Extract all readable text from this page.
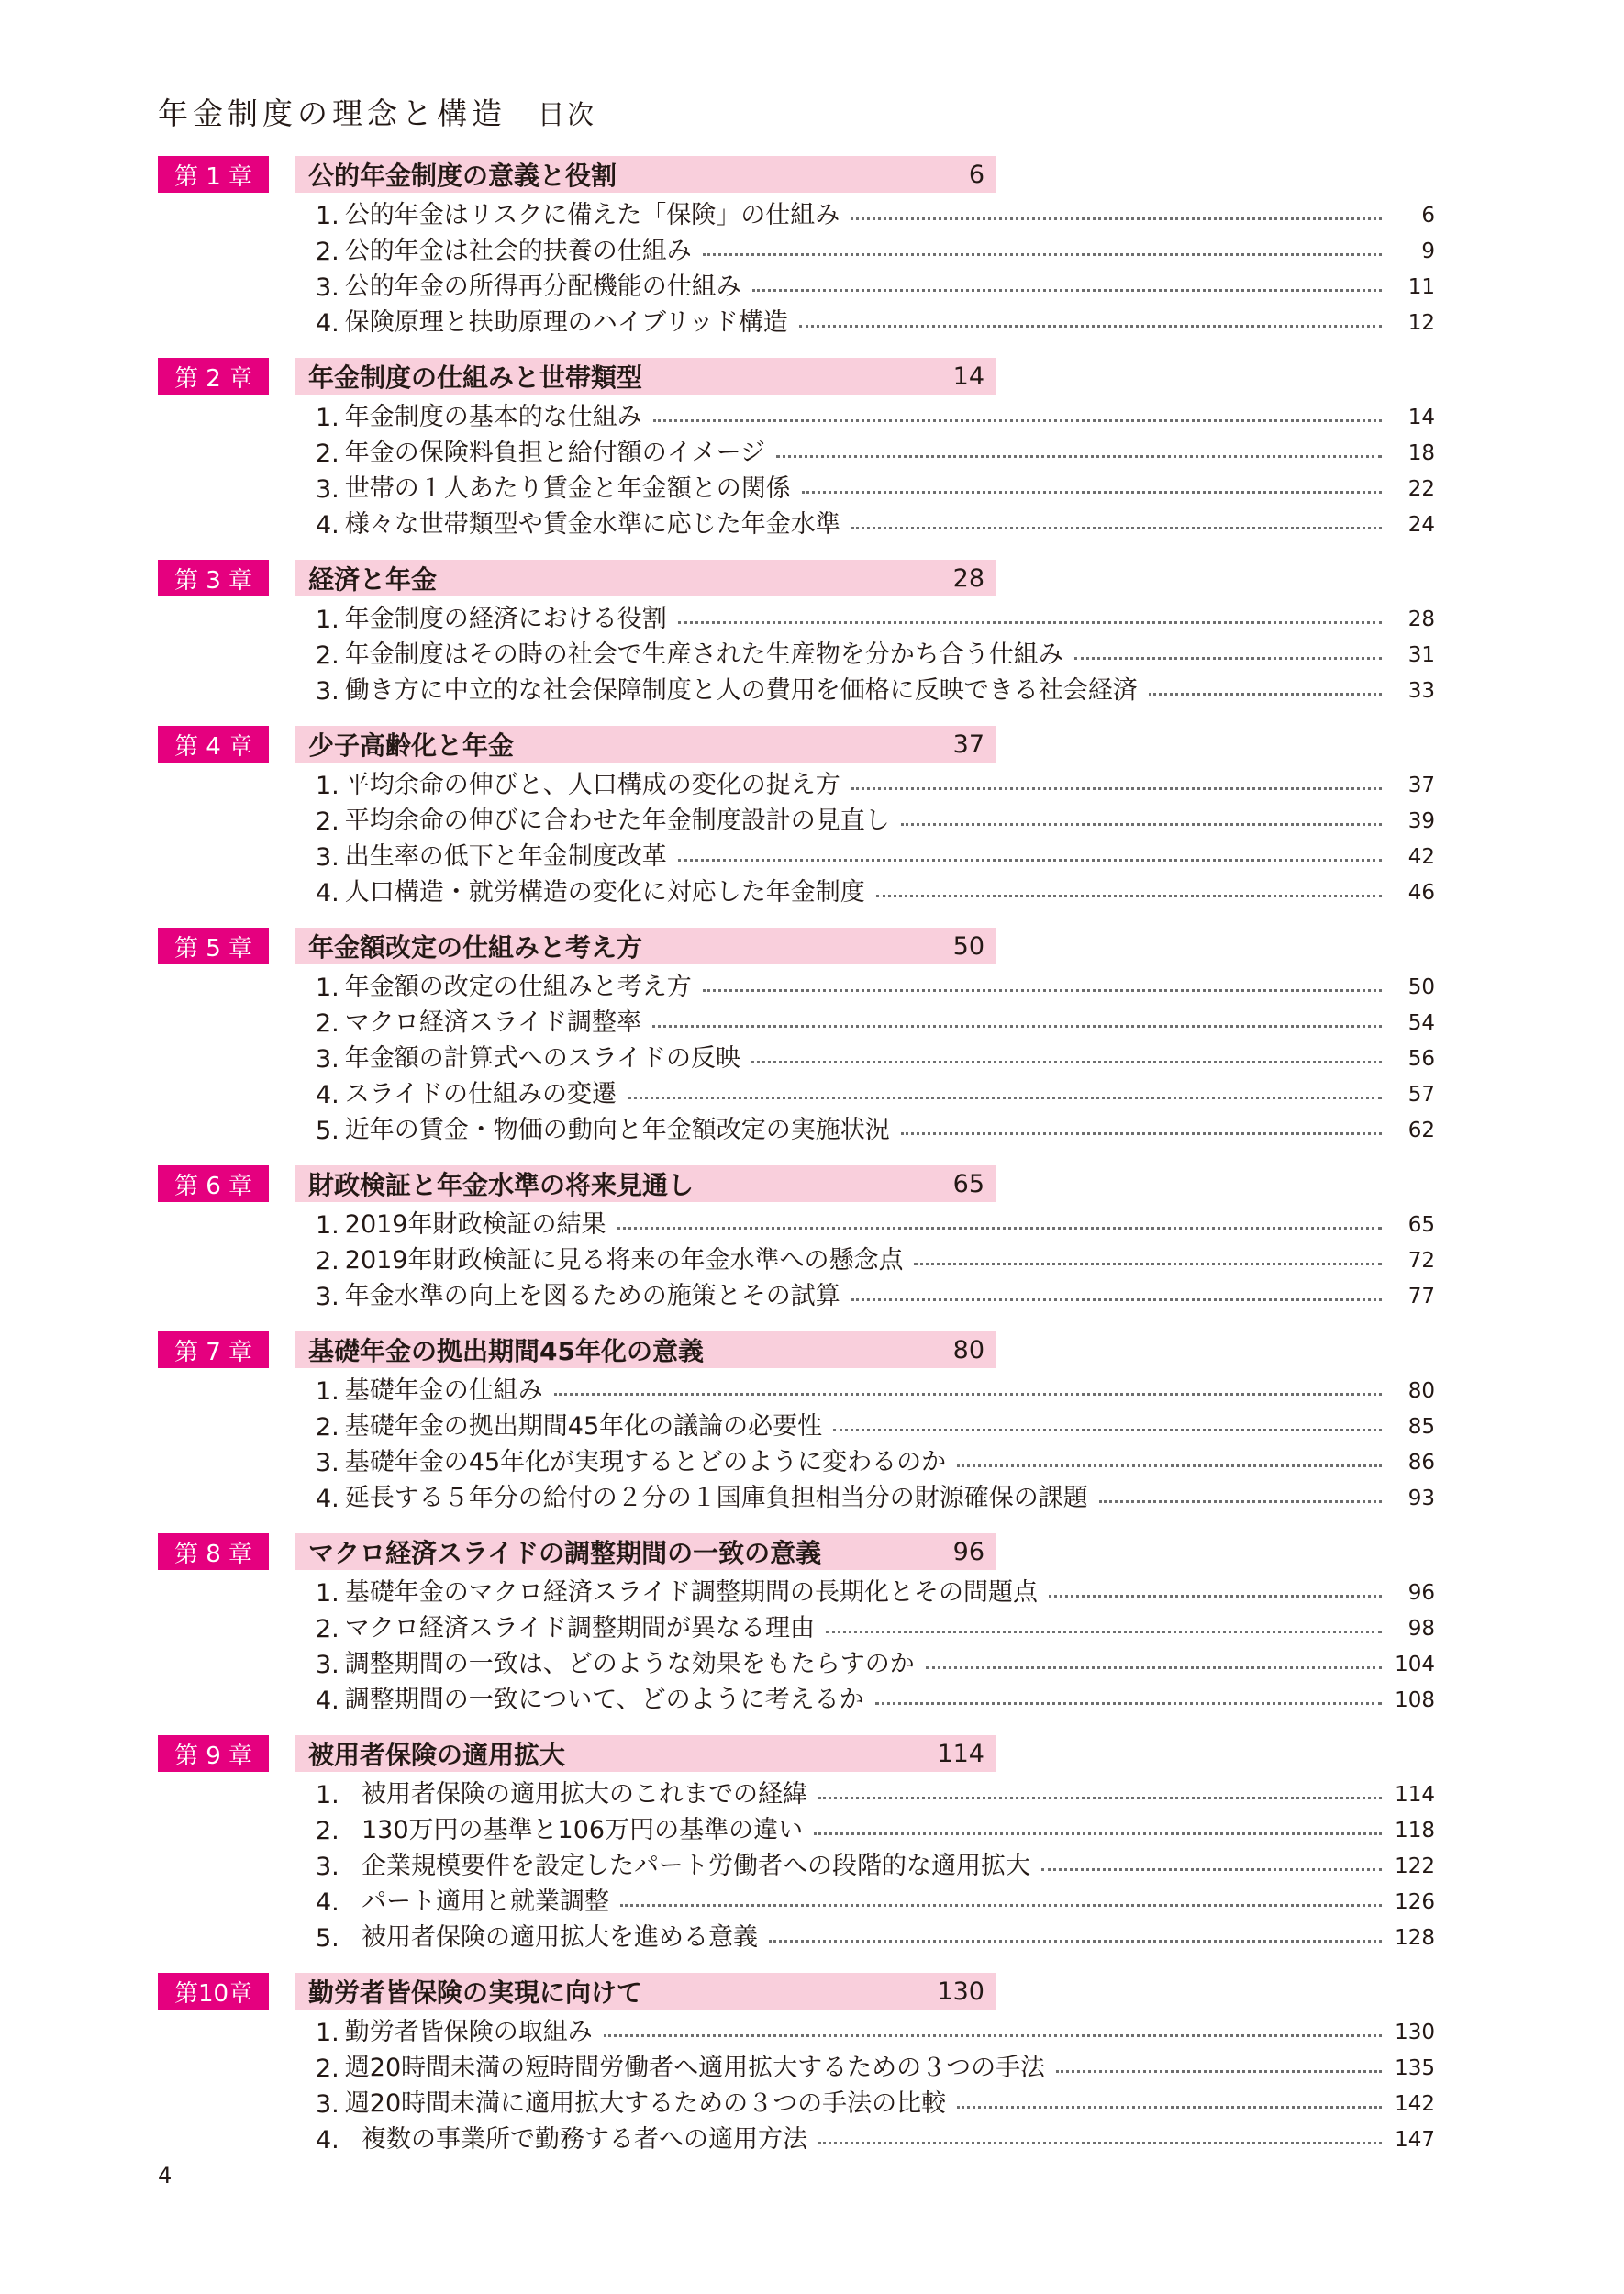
年金制度の理念と構造 目次
第 1 章	公的年金制度の意義と役割	6
1. 公的年金はリスクに備えた「保険」の仕組み	6
2. 公的年金は社会的扶養の仕組み	9
3. 公的年金の所得再分配機能の仕組み	11
4. 保険原理と扶助原理のハイブリッド構造	12
第 2 章	年金制度の仕組みと世帯類型	14
1. 年金制度の基本的な仕組み	14
2. 年金の保険料負担と給付額のイメージ	18
3. 世帯の１人あたり賃金と年金額との関係	22
4. 様々な世帯類型や賃金水準に応じた年金水準	24
第 3 章	経済と年金	28
1. 年金制度の経済における役割	28
2. 年金制度はその時の社会で生産された生産物を分かち合う仕組み	31
3. 働き方に中立的な社会保障制度と人の費用を価格に反映できる社会経済	33
第 4 章	少子高齢化と年金	37
1. 平均余命の伸びと、人口構成の変化の捉え方	37
2. 平均余命の伸びに合わせた年金制度設計の見直し	39
3. 出生率の低下と年金制度改革	42
4. 人口構造・就労構造の変化に対応した年金制度	46
第 5 章	年金額改定の仕組みと考え方	50
1. 年金額の改定の仕組みと考え方	50
2. マクロ経済スライド調整率	54
3. 年金額の計算式へのスライドの反映	56
4. スライドの仕組みの変遷	57
5. 近年の賃金・物価の動向と年金額改定の実施状況	62
第 6 章	財政検証と年金水準の将来見通し	65
1. 2019年財政検証の結果	65
2. 2019年財政検証に見る将来の年金水準への懸念点	72
3. 年金水準の向上を図るための施策とその試算	77
第 7 章	基礎年金の拠出期間45年化の意義	80
1. 基礎年金の仕組み	80
2. 基礎年金の拠出期間45年化の議論の必要性	85
3. 基礎年金の45年化が実現するとどのように変わるのか	86
4. 延長する５年分の給付の２分の１国庫負担相当分の財源確保の課題	93
第 8 章	マクロ経済スライドの調整期間の一致の意義	96
1. 基礎年金のマクロ経済スライド調整期間の長期化とその問題点	96
2. マクロ経済スライド調整期間が異なる理由	98
3. 調整期間の一致は、どのような効果をもたらすのか	104
4. 調整期間の一致について、どのように考えるか	108
第 9 章	被用者保険の適用拡大	114
1. 被用者保険の適用拡大のこれまでの経緯	114
2. 130万円の基準と106万円の基準の違い	118
3. 企業規模要件を設定したパート労働者への段階的な適用拡大	122
4. パート適用と就業調整	126
5. 被用者保険の適用拡大を進める意義	128
第10章	勤労者皆保険の実現に向けて	130
1. 勤労者皆保険の取組み	130
2. 週20時間未満の短時間労働者へ適用拡大するための３つの手法	135
3. 週20時間未満に適用拡大するための３つの手法の比較	142
4. 複数の事業所で勤務する者への適用方法	147
4
